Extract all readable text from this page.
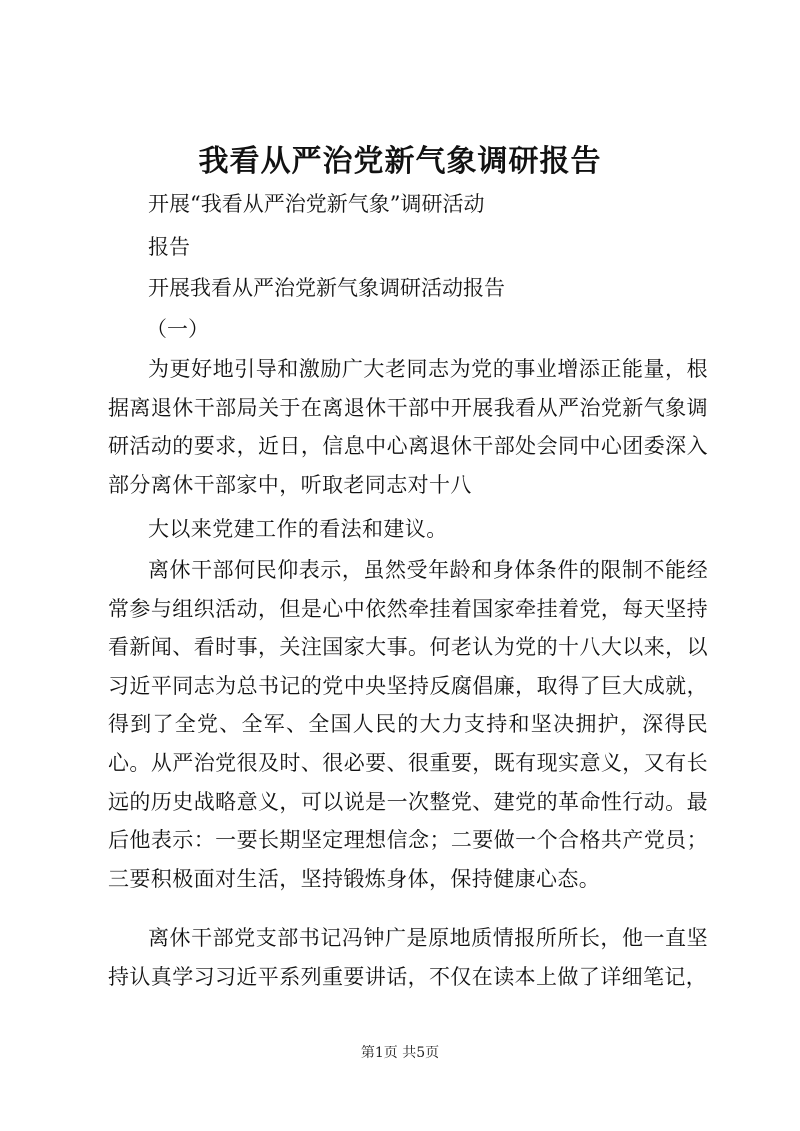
我看从严治党新气象调研报告
开展“我看从严治党新气象”调研活动
报告
开展我看从严治党新气象调研活动报告
（一）
为更好地引导和激励广大老同志为党的事业增添正能量，根据离退休干部局关于在离退休干部中开展我看从严治党新气象调研活动的要求，近日，信息中心离退休干部处会同中心团委深入部分离休干部家中，听取老同志对十八
大以来党建工作的看法和建议。
离休干部何民仰表示，虽然受年龄和身体条件的限制不能经常参与组织活动，但是心中依然牵挂着国家牵挂着党，每天坚持看新闻、看时事，关注国家大事。何老认为党的十八大以来，以习近平同志为总书记的党中央坚持反腐倡廉，取得了巨大成就，得到了全党、全军、全国人民的大力支持和坚决拥护，深得民心。从严治党很及时、很必要、很重要，既有现实意义，又有长远的历史战略意义，可以说是一次整党、建党的革命性行动。最后他表示：一要长期坚定理想信念；二要做一个合格共产党员；三要积极面对生活，坚持锻炼身体，保持健康心态。
离休干部党支部书记冯钟广是原地质情报所所长，他一直坚持认真学习习近平系列重要讲话，不仅在读本上做了详细笔记，
第1页 共5页
